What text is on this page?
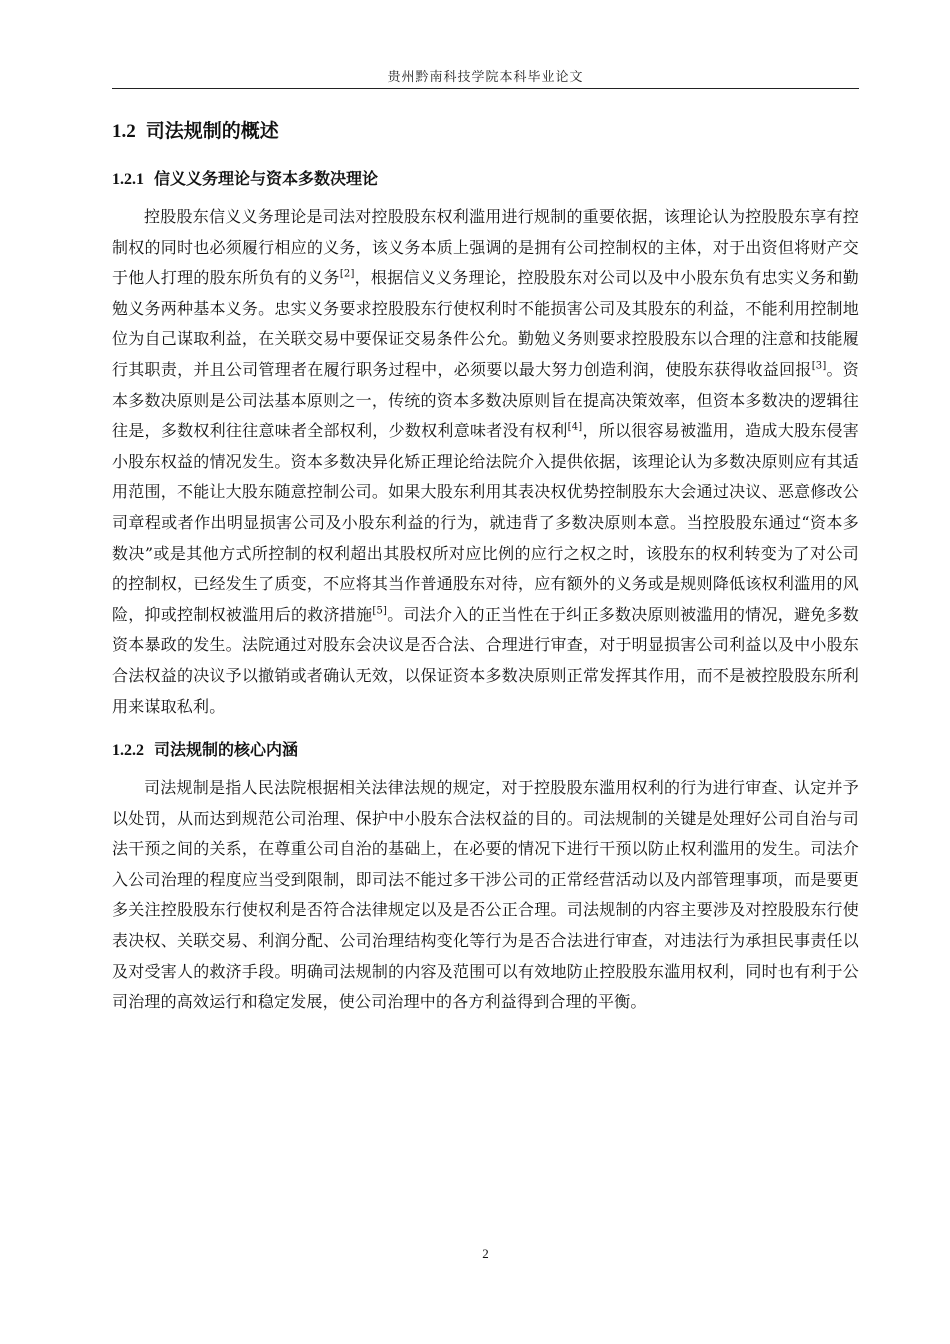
贵州黔南科技学院本科毕业论文
1.2 司法规制的概述
1.2.1 信义义务理论与资本多数决理论

控股股东信义义务理论是司法对控股股东权利滥用进行规制的重要依据，该理论认为控股股东享有控制权的同时也必须履行相应的义务，该义务本质上强调的是拥有公司控制权的主体，对于出资但将财产交于他人打理的股东所负有的义务[2]，根据信义义务理论，控股股东对公司以及中小股东负有忠实义务和勤勉义务两种基本义务。忠实义务要求控股股东行使权利时不能损害公司及其股东的利益，不能利用控制地位为自己谋取利益，在关联交易中要保证交易条件公允。勤勉义务则要求控股股东以合理的注意和技能履行其职责，并且公司管理者在履行职务过程中，必须要以最大努力创造利润，使股东获得收益回报[3]。资本多数决原则是公司法基本原则之一，传统的资本多数决原则旨在提高决策效率，但资本多数决的逻辑往往是，多数权利往往意味者全部权利，少数权利意味者没有权利[4]，所以很容易被滥用，造成大股东侵害小股东权益的情况发生。资本多数决异化矫正理论给法院介入提供依据，该理论认为多数决原则应有其适用范围，不能让大股东随意控制公司。如果大股东利用其表决权优势控制股东大会通过决议、恶意修改公司章程或者作出明显损害公司及小股东利益的行为，就违背了多数决原则本意。当控股股东通过“资本多数决”或是其他方式所控制的权利超出其股权所对应比例的应行之权之时，该股东的权利转变为了对公司的控制权，已经发生了质变，不应将其当作普通股东对待，应有额外的义务或是规则降低该权利滥用的风险，抑或控制权被滥用后的救济措施[5]。司法介入的正当性在于纠正多数决原则被滥用的情况，避免多数资本暴政的发生。法院通过对股东会决议是否合法、合理进行审查，对于明显损害公司利益以及中小股东合法权益的决议予以撤销或者确认无效，以保证资本多数决原则正常发挥其作用，而不是被控股股东所利用来谋取私利。

1.2.2 司法规制的核心内涵

司法规制是指人民法院根据相关法律法规的规定，对于控股股东滥用权利的行为进行审查、认定并予以处罚，从而达到规范公司治理、保护中小股东合法权益的目的。司法规制的关键是处理好公司自治与司法干预之间的关系，在尊重公司自治的基础上，在必要的情况下进行干预以防止权利滥用的发生。司法介入公司治理的程度应当受到限制，即司法不能过多干涉公司的正常经营活动以及内部管理事项，而是要更多关注控股股东行使权利是否符合法律规定以及是否公正合理。司法规制的内容主要涉及对控股股东行使表决权、关联交易、利润分配、公司治理结构变化等行为是否合法进行审查，对违法行为承担民事责任以及对受害人的救济手段。明确司法规制的内容及范围可以有效地防止控股股东滥用权利，同时也有利于公司治理的高效运行和稳定发展，使公司治理中的各方利益得到合理的平衡。

2
